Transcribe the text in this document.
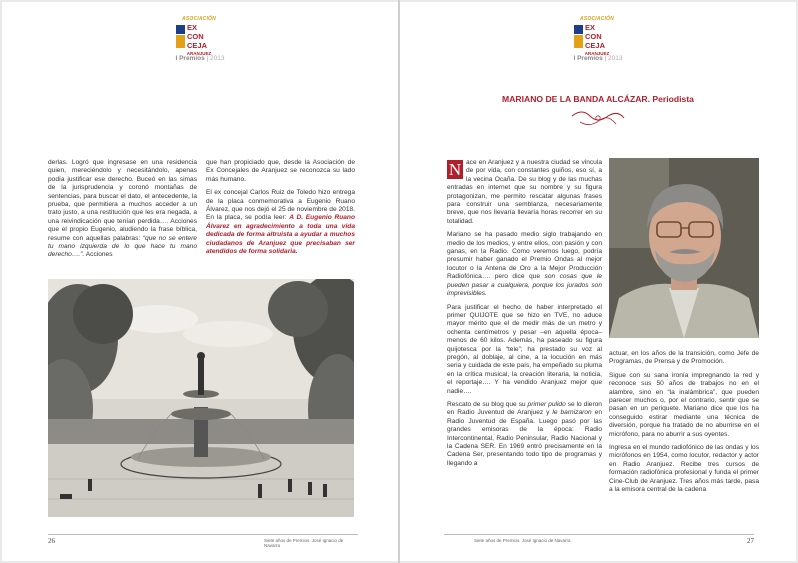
ASOCIACIÓN
EX
CON
CEJA
ARANJUEZ
I Premios | 2013

derlas. Logró que ingresase en una residencia quien, mereciéndolo y necesitándolo, apenas podía justificar ese derecho. Buceó en las simas de la jurisprudencia y coronó montañas de sentencias, para buscar el dato, el antecedente, la prueba, que permitiera a muchos acceder a un trato justo, a una restitución que les era negada, a una reivindicación que tenían perdida…. Acciones que el propio Eugenio, aludiendo la frase bíblica, resume con aquellas palabras: “que no se entere tu mano izquierda de lo que hace tu mano derecho….”. Acciones

que han propiciado que, desde la Asociación de Ex Concejales de Aranjuez se reconozca su lado más humano.

El ex concejal Carlos Ruiz de Toledo hizo entrega de la placa conmemorativa a Eugenio Ruano Álvarez, que nos dejó el 25 de noviembre de 2018. En la placa, se podía leer: A D. Eugenio Ruano Álvarez en agradecimiento a toda una vida dedicada de forma altruista a ayudar a muchos ciudadanos de Aranjuez que precisaban ser atendidos de forma solidaria.

26	Siete años de Premios. José Ignacio de Navarra
ASOCIACIÓN
EX
CON
CEJA
ARANJUEZ
I Premios | 2013
MARIANO DE LA BANDA ALCÁZAR. Periodista

N ace en Aranjuez y a nuestra ciudad se vincula de por vida, con constantes guiños, eso sí, a la vecina Ocaña. De su blog y de las muchas entradas en internet que su nombre y su figura protagonizan, me permito rescatar algunas frases para construir una semblanza, necesariamente breve, que nos llevaría llevaría horas recorrer en su totalidad.

Mariano se ha pasado medio siglo trabajando en medio de los medios, y entre ellos, con pasión y con ganas, en la Radio. Como veremos luego, podría presumir haber ganado el Premio Ondas al mejor locutor o la Antena de Oro a la Mejor Producción Radiofónica…. pero dice que son cosas que le pueden pasar a cualquiera, porque los jurados son imprevisibles.

Para justificar el hecho de haber interpretado el primer QUIJOTE que se hizo en TVE, no aduce mayor mérito que el de medir más de un metro y ochenta centímetros y pesar –en aquella época– menos de 60 kilos. Además, ha paseado su figura quijotesca por la “tele”; ha prestado su voz al pregón, al doblaje, al cine, a la locución en más seria y cuidada de este país, ha empeñado su pluma en la crítica musical, la creación literaria, la noticia, el reportaje…. Y ha vendido Aranjuez mejor que nadie….

Rescato de su blog que su primer pulido se lo dieron en Radio Juventud de Aranjuez y le barnizaron en Radio Juventud de España. Luego pasó por las grandes emisoras de la época: Radio Intercontinental, Radio Peninsular, Radio Nacional y la Cadena SER. En 1969 entró precisamente en la Cadena Ser, presentando todo tipo de programas y llegando a

actuar, en los años de la transición, como Jefe de Programas, de Prensa y de Promoción.

Sigue con su sana ironía impregnando la red y reconoce sus 50 años de trabajos no en el alambre, sino en “la inalámbrica”, que pueden parecer muchos o, por el contrario, sentir que se pasan en un periquete. Mariano dice que los ha conseguido estirar mediante una técnica de diversión, porque ha tratado de no aburrirse en el micrófono, para no aburrir a sus oyentes.

Ingresa en el mundo radiofónico de las ondas y los micrófonos en 1954, como locutor, redactor y actor en Radio Aranjuez. Recibe tres cursos de formación radiofónica profesional y funda el primer Cine-Club de Aranjuez. Tres años más tarde, pasa a la emisora central de la cadena

Siete años de Premios. José Ignacio de Navarra	27
